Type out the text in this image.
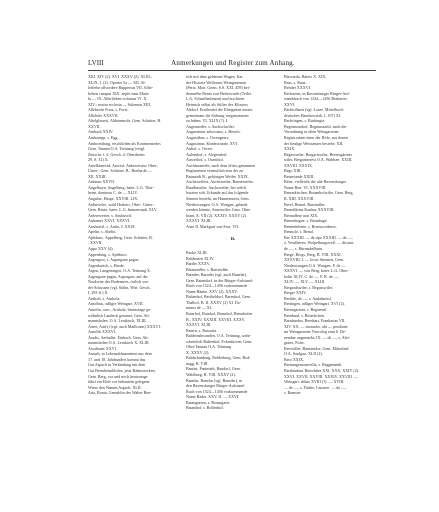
LVIII	Anmerkungen und Register zum Anhang.

XIII. XIV (2). XVI. XXXV (2). XLIII.;

XLIX. I. (2). Oportet 5a — XII. Al-

lerliebe allvordere Rüppertus VII. Aller-

lieben campus XIX. zepfe zum Marie

lu — IX. Allerlieben voluntas VI. X.

XIV.; nostra ecclesia — Salomon XIII.

Allebrode Forst, s. Forst.

Allehöfe XXXVII.

Altelglasseit, Altheinmole, Gem. Schütter, B.

XXVII.

Ambach XXIV.

Ambompp, s. Egg.

Ambromburg, erschlichen als Kontmenterles

Gem. Tannen O.A. Tettnang (vergl.

Zeitschr. f. d. Gesch. d. Oberrheins

29, S. 31) X.

Amelkinnwid, Anwert, Ankeweratu; Ober-,

Unter-, Gem. Schütter, B., Bertha de —

XII. XXIII.

Anfunm XXVII.

Angelhayn, Angelberg, baier. L.G. Thür-

heim, dominus C. de — XLIV.

Angulae, Haupt. XXVIII. LIX.

Anlinwelre, wahl Horberr, Ober-, Unter-,

Gem. Reute, baier. L.G. Immenstadt, XLV.

Anlerewerter, s. Anshusvil.

Anhamer XXVI. XXXVI.

Anshusvil, s. Ainlu, J. XXIX.

Apelin, s. Abelin.

Apleburc, Appelberg, Gem. Schütter, B.

, XXVII.

Appo XXV (4).

Appenburg, s. Apleburc.

Argengow, s. Argengaue pagus.

Argenbarich, s. Harde.

Argen, Langenargen, O.A. Tettnang X.

Argengaue pagus, Argengaw, auf der

Nordseite des Bodensees, östlich von

der Schussen (vgl. Stälin, Wirt. Gesch.

I, 293 ff.) X.

Arnholt, s. Arnholz.

Arnolbus, adliger Weingart. XVII.

Arnolin, com., Arnholz, heutzutage ge-

wöhnlich Landeck genannt, Gem. Ab-

mannsholen, O.A. Leutkirch, XLIII.

Arnet, Arn(s) (vgl. auch Maillonen) XXXVI.

Arnolds XXXVI.

Aradis, Aerbalbe, Einbach, Gem. Ab-

mannsholen O.A. Leutkirch X. XLIII.

Assabaner XXVI.

Asmeh, in Lebensdokumenten aus dem

17. und 18. Jahrhundert kommt das

Gut Aspach in Verbindung mit dem

Gut Bermheimblofen, jetzt Bahnstrecken,

Gem. Berg, vor und noch heutzutage

führt ein Hofe vor bebautem gelegene

Wiese den Namen Aspach. XLII.

Atta, Bonta, Gemahlin des Walter Ben-

rich mit dem goldenen Wagen. Kat.

der Historia Welforum Weingartensis

(Pertz, Mon. Germ. S.S. XXI, 459) bei-

demselbe Benta von Heiterwurth (Teiler

L.G. Schnellenlinsen) und erschient

Heinrich selbst als Stifter des Klosters

Altdorf. Ersehenlet die Elengatten ausser

gemeinsam die Stiftung vergenommen

zu haben. VI. XLIX (?). I.

Augenrieder, s. Auchschwiler.

Augustenstr advocatus, s. Heselo.

Augustibus, s. Owengezrs.

Augustinus, Kindeszurate, XVI.

Auhof, s. Owen.

Aulendorf, s. Alegendorf.

Auwerhof, s. Ouesthof.

Auchinomerlit, nach dem öfters genannten

Beginnesten vermutlich eins der zu

Bainstedt B., gehörigen Weiler. XXIX.

Auchsweilese, Auchsweiler, Bansenwiler,

Baudhawiler, Auchsweiler, bei welch

letztere sich Urkunde auf das folgende

Sönnen bezieht, im Hunnenstein, Gem.

Niederwangen, O.A. Wangen, gelandt

werden könnte, Amenwiler, Gem. Ober-

brant, E. VII (2). XXXIV. XXXV (2).

XXXVI. XLIII.

Aaze II. Markgraf von Este. VII.

B.

Bache XLIII.

Baldsonen XLIV.

Barder XXXV.

Bärmendler, s. Barrendler.

Barnder, Barnder (vgl. auch Banelar),

Gem. Baiendorf, in der Bürger-Aufstand-

Buch von 1524—1456 vorkommende

Name Bänke. XXV (2). XXXV.

Baltenhof, Bertholdorf, Barenhof, Gem.

Thalhof, B. II. XXXV (2) XI. Do-

minus de — XI.

Baierhof, Bainhof, Bainshof, Beinshofen

B., XXIV. XXXIII. XXVIII. XXXV.

XXXVI. XLIII.

Baiern, s. Baioaria.

Baldeinshwanden, O.A. Tettnang, wahr-

scheinlich Baltenhof, Eckenhoven, Gem.

Ober-Tannau O.A. Tettnang

X. XXXV (2).

Baldschanburg, Bolderburg, Gem. Bod-

nagg, B. VIII.

Bantist, Pantetath, Baudorf, Gem.

Waldburg, B. VIII. XXXV (2).

Banelar, Banelar (vgl. Barnder), in

den Ravensburger Bürger-Aufstand-

Buch von 1524—1456 vorkommende

Name Bader. XXV. II. — XXVI.

Baumgarten, s. Boumgarte.

Baumhof, s. Bollenhof.

Bärwarda, Baiers X. XIX.

Baxt, s. Bauz.

Beinler XXXVI.

Becharten, in Ravensburger Bürger-Auf-

standsbuch von 1324—1456 Besbarter,

XXVI.

Bechtolhsen (vgl. Lauer, Mittelhoch-

deutsches Handwörterb. I, 197) XI.

Bechtingen, s. Burkingie.

Beginmondorf, Beginmaarlit, nach der

Verordnung in alten Weingartener

Registrorium einer der Höfe, aus denen

der heutige Weissenaer bestehe. XII.

XXIX.

Begasswiler, Bergartswiler, Beeresgärtner

wiler, Bergartnerest O.A. Waldsee. XXIII.

XXVIII. XXXIX.

Bego XIII.

Beizmunde XXIII.

Beier, vielleicht der alte Ravensburger

Name Beir. VI. XXXVIII.

Benonkirchen, Bonanhofwiler, Gem. Berg,

B. XIII. XXXVIII.

Berel, Bentel, Barrendler.

Benediktins Konkur XXXVIII.

Bernadlese utat XIX.

Benonbogue, s. Baunbuge.

Benendelenie, s. Brenwoodenes.

Bennolo, s. Benal.

Ber XXXIII. — de tipo XXXIII. — de —,

a. Vesalheren, Wolpelburgswell. — dicatus

de —, s. Bürnmbelbrun.

Berge, Bergs, Berg, B. VIII. XXXI.

XXXVIII. I. — locus Stienten, Gem.

Niederwangen O.A. Wangen. F. de —

XXXVI. — von Berg, baier. L.G. Ober-

holm XLIV. C. de —. F. R. de —,

XLIV. — XLV. — XLIII.

Bergardswiler, s. Begasswiler.

Berger XXIV.

Berhite, de —, s. Andalmeisl.

Bertingen, adliger Weingart. XVI (2).

Bernegartent, s. Begarentl.

Bernhard, s. Bitterlichen.

Barnhardus, Bernhart, Frankartas VII.

XIV. XX. — monachs, abt — prudituer

im Weingartener Nacrolog zum 6. De-

zember angemerkt; IX. — de —, s. Alet-

giarer, Fulre.

Berrwiller, Bärmendor, Gem. Ebhorlied

O.A. Saulgau. XLII (2).

Bero XXIX.

Bernungesuonevilla, s. Beggenantli.

Berthauban, Bertoldtes XXI. XXX. XXIV (2).

XXVI. XXVII. XXVIII. XXXIV. XXVIII. —

Weingart. abbas XVIII (?). — XVIII.

— de —, s. Fürthe, Lauzere. — de —,

s. Ramsee.
